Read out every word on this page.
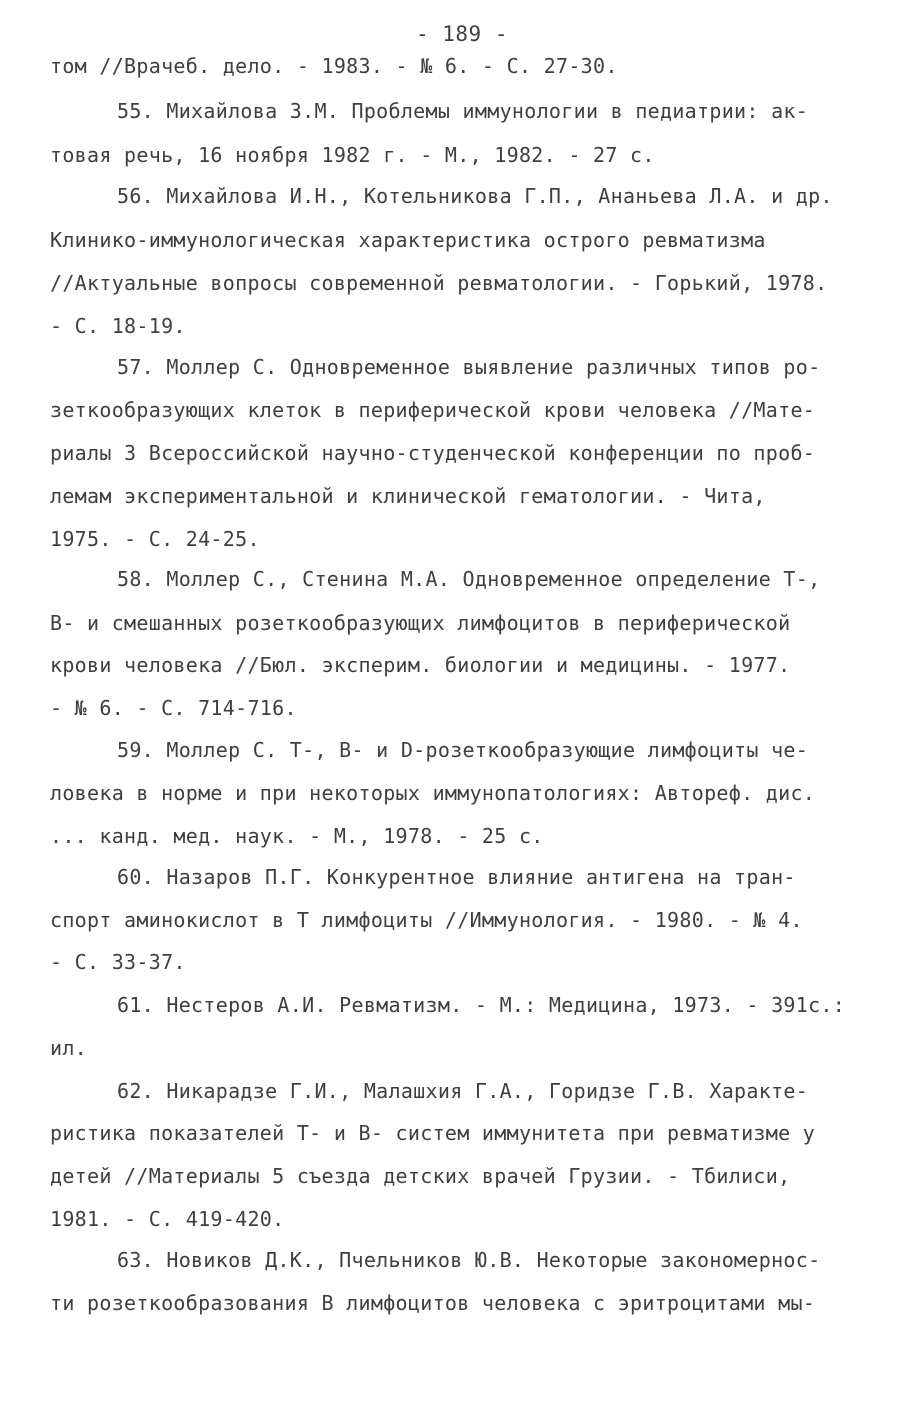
- 189 -
том //Врачеб. дело. - 1983. - № 6. - С. 27-30.
55. Михайлова З.М. Проблемы иммунологии в педиатрии: ак-
товая речь, 16 ноября 1982 г. - М., 1982. - 27 с.
56. Михайлова И.Н., Котельникова Г.П., Ананьева Л.А. и др.
Клинико-иммунологическая характеристика острого ревматизма
//Актуальные вопросы современной ревматологии. - Горький, 1978.
- С. 18-19.
57. Моллер С. Одновременное выявление различных типов ро-
зеткообразующих клеток в периферической крови человека //Мате-
риалы 3 Всероссийской научно-студенческой конференции по проб-
лемам экспериментальной и клинической гематологии. - Чита,
1975. - С. 24-25.
58. Моллер С., Стенина М.А. Одновременное определение Т-,
В- и смешанных розеткообразующих лимфоцитов в периферической
крови человека //Бюл. эксперим. биологии и медицины. - 1977.
- № 6. - С. 714-716.
59. Моллер С. Т-, В- и D-розеткообразующие лимфоциты че-
ловека в норме и при некоторых иммунопатологиях: Автореф. дис.
... канд. мед. наук. - М., 1978. - 25 с.
60. Назаров П.Г. Конкурентное влияние антигена на тран-
спорт аминокислот в Т лимфоциты //Иммунология. - 1980. - № 4.
- С. 33-37.
61. Нестеров А.И. Ревматизм. - М.: Медицина, 1973. - 391с.:
ил.
62. Никарадзе Г.И., Малашхия Г.А., Горидзе Г.В. Характе-
ристика показателей Т- и В- систем иммунитета при ревматизме у
детей //Материалы 5 съезда детских врачей Грузии. - Тбилиси,
1981. - С. 419-420.
63. Новиков Д.К., Пчельников Ю.В. Некоторые закономернос-
ти розеткообразования В лимфоцитов человека с эритроцитами мы-
